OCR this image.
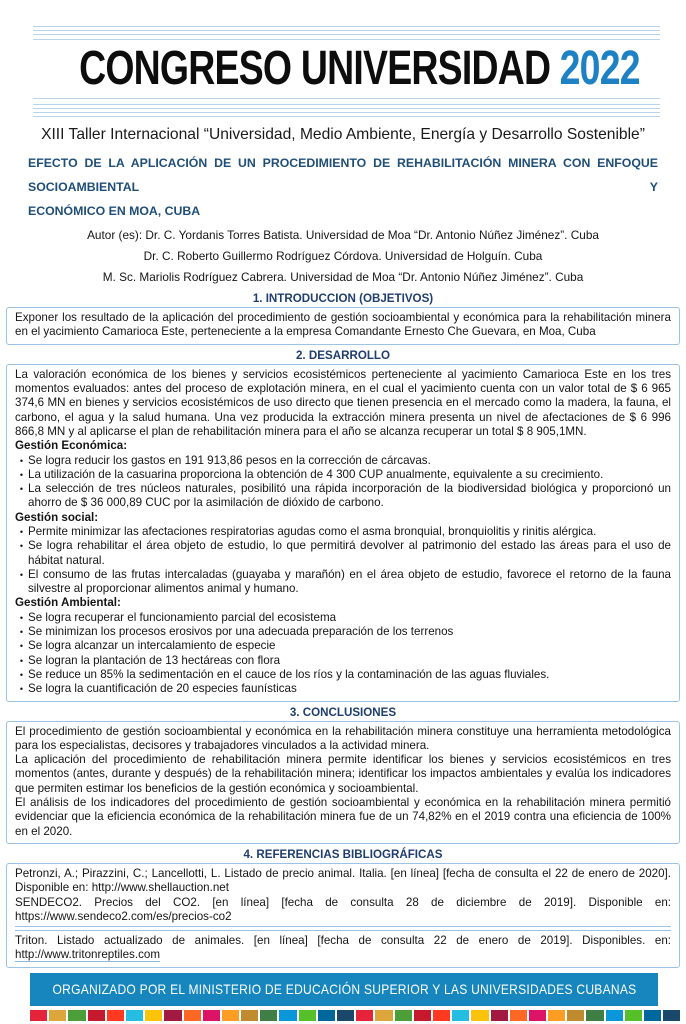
CONGRESO UNIVERSIDAD 2022
XIII Taller Internacional “Universidad, Medio Ambiente, Energía y Desarrollo Sostenible”
EFECTO DE LA APLICACIÓN DE UN PROCEDIMIENTO DE REHABILITACIÓN MINERA CON ENFOQUE SOCIOAMBIENTAL Y
ECONÓMICO EN MOA, CUBA
Autor (es): Dr. C. Yordanis Torres Batista. Universidad de Moa “Dr. Antonio Núñez Jiménez”. Cuba
Dr. C. Roberto Guillermo Rodríguez Córdova. Universidad de Holguín. Cuba
M. Sc. Mariolis Rodríguez Cabrera. Universidad de Moa “Dr. Antonio Núñez Jiménez”. Cuba
1. INTRODUCCION (OBJETIVOS)
Exponer los resultado de la aplicación del procedimiento de gestión socioambiental y económica para la rehabilitación minera en el yacimiento Camarioca Este, perteneciente a la empresa Comandante Ernesto Che Guevara, en Moa, Cuba
2. DESARROLLO
La valoración económica de los bienes y servicios ecosistémicos perteneciente al yacimiento Camarioca Este en los tres momentos evaluados: antes del proceso de explotación minera, en el cual el yacimiento cuenta con un valor total de $ 6 965 374,6 MN en bienes y servicios ecosistémicos de uso directo que tienen presencia en el mercado como la madera, la fauna, el carbono, el agua y la salud humana. Una vez producida la extracción minera presenta un nivel de afectaciones de $ 6 996 866,8 MN y al aplicarse el plan de rehabilitación minera para el año se alcanza recuperar un total $ 8 905,1MN.
Gestión Económica:
• Se logra reducir los gastos en 191 913,86 pesos en la corrección de cárcavas.
• La utilización de la casuarina proporciona la obtención de 4 300 CUP anualmente, equivalente a su crecimiento.
• La selección de tres núcleos naturales, posibilitó una rápida incorporación de la biodiversidad biológica y proporcionó un ahorro de $ 36 000,89 CUC por la asimilación de dióxido de carbono.
Gestión social:
• Permite minimizar las afectaciones respiratorias agudas como el asma bronquial, bronquiolitis y rinitis alérgica.
• Se logra rehabilitar el área objeto de estudio, lo que permitirá devolver al patrimonio del estado las áreas para el uso de hábitat natural.
• El consumo de las frutas intercaladas (guayaba y marañón) en el área objeto de estudio, favorece el retorno de la fauna silvestre al proporcionar alimentos animal y humano.
Gestión Ambiental:
• Se logra recuperar el funcionamiento parcial del ecosistema
• Se minimizan los procesos erosivos por una adecuada preparación de los terrenos
• Se logra alcanzar un intercalamiento de especie
• Se logran la plantación de 13 hectáreas con flora
• Se reduce un 85% la sedimentación en el cauce de los ríos y la contaminación de las aguas fluviales.
• Se logra la cuantificación de 20 especies faunísticas
3. CONCLUSIONES
El procedimiento de gestión socioambiental y económica en la rehabilitación minera constituye una herramienta metodológica para los especialistas, decisores y trabajadores vinculados a la actividad minera.
La aplicación del procedimiento de rehabilitación minera permite identificar los bienes y servicios ecosistémicos en tres momentos (antes, durante y después) de la rehabilitación minera; identificar los impactos ambientales y evalúa los indicadores que permiten estimar los beneficios de la gestión económica y socioambiental.
El análisis de los indicadores del procedimiento de gestión socioambiental y económica en la rehabilitación minera permitió evidenciar que la eficiencia económica de la rehabilitación minera fue de un 74,82% en el 2019 contra una eficiencia de 100% en el 2020.
4. REFERENCIAS BIBLIOGRÁFICAS
Petronzi, A.; Pirazzini, C.; Lancellotti, L. Listado de precio animal. Italia. [en línea] [fecha de consulta el 22 de enero de 2020]. Disponible en: http://www.shellauction.net
SENDECO2. Precios del CO2. [en línea] [fecha de consulta 28 de diciembre de 2019]. Disponible en: https://www.sendeco2.com/es/precios-co2
Triton. Listado actualizado de animales. [en línea] [fecha de consulta 22 de enero de 2019]. Disponibles. en: http://www.tritonreptiles.com
ORGANIZADO POR EL MINISTERIO DE EDUCACIÓN SUPERIOR Y LAS UNIVERSIDADES CUBANAS
